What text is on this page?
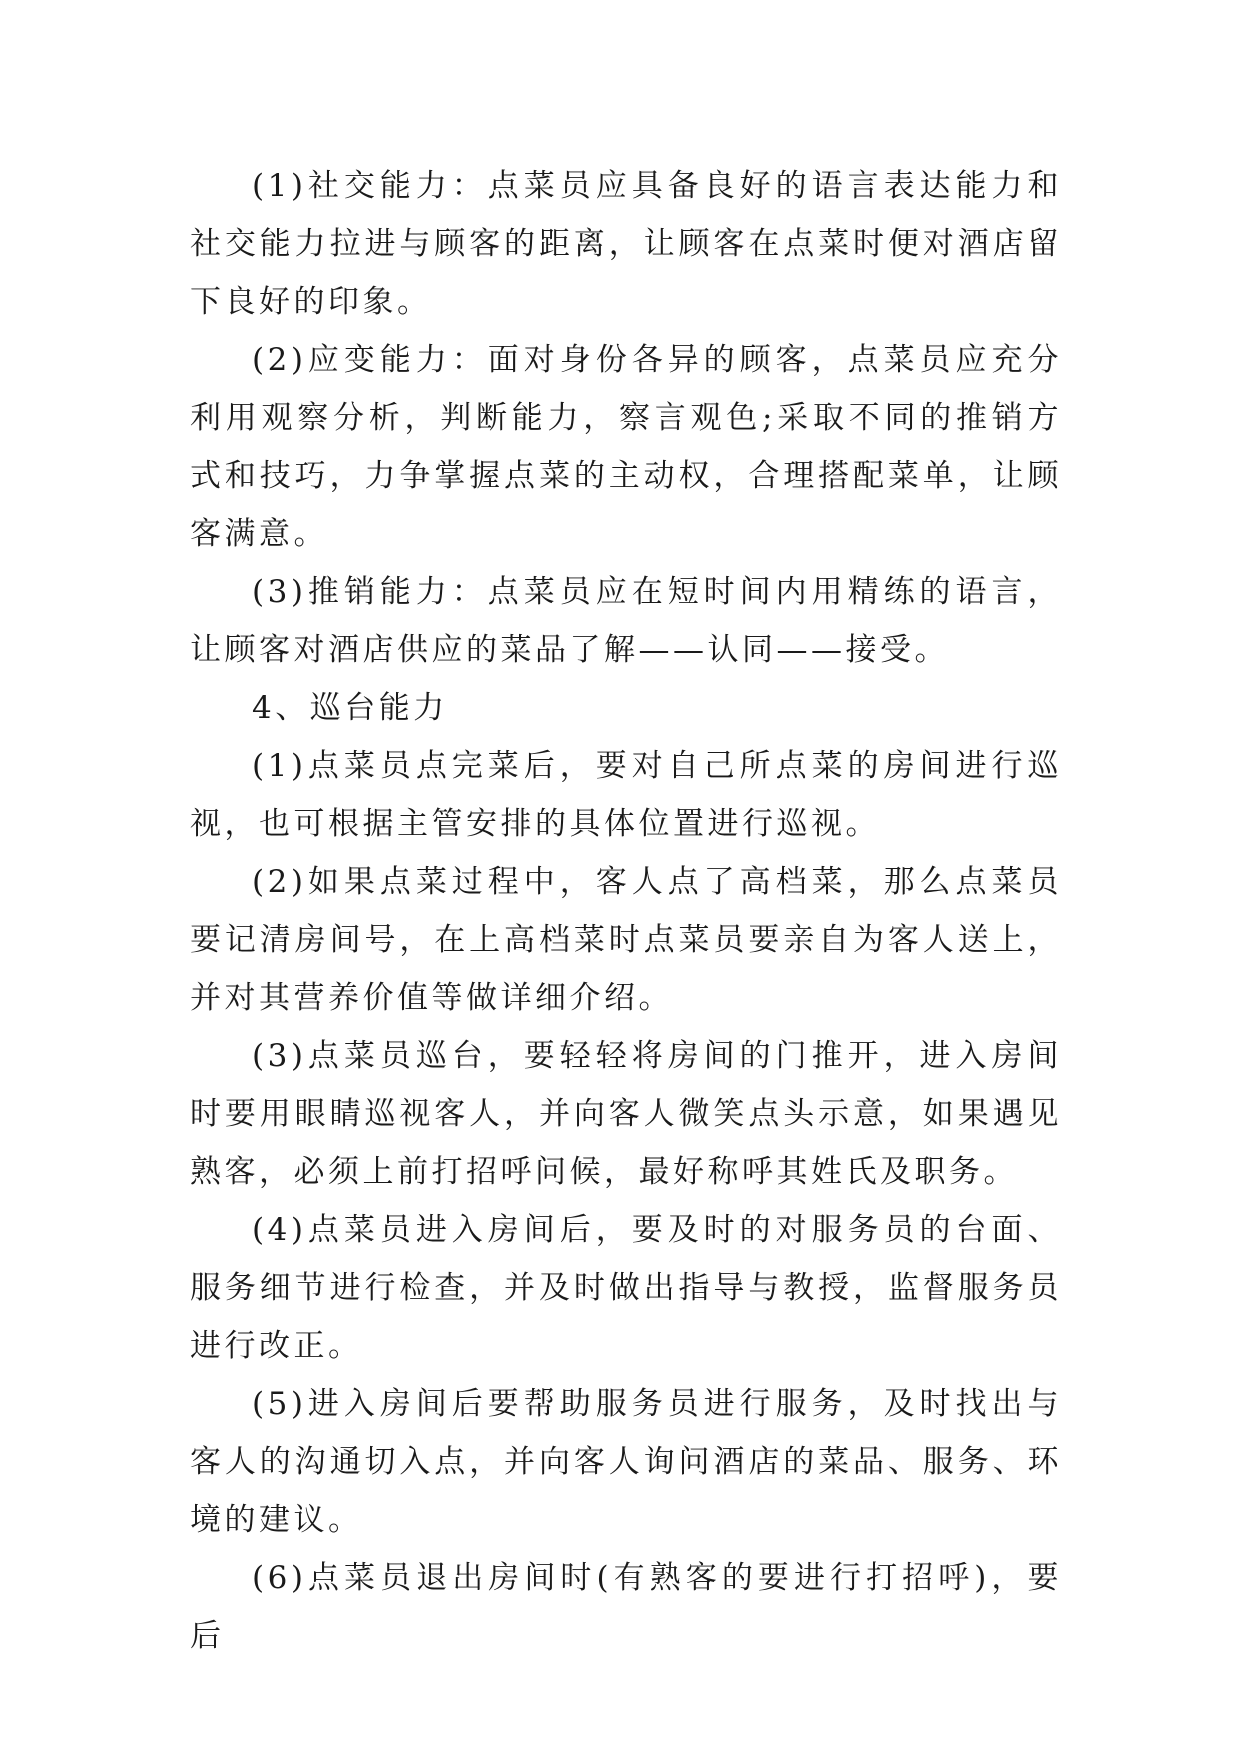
(1)社交能力：点菜员应具备良好的语言表达能力和社交能力拉进与顾客的距离，让顾客在点菜时便对酒店留下良好的印象。

(2)应变能力：面对身份各异的顾客，点菜员应充分利用观察分析，判断能力，察言观色;采取不同的推销方式和技巧，力争掌握点菜的主动权，合理搭配菜单，让顾客满意。

(3)推销能力：点菜员应在短时间内用精练的语言，让顾客对酒店供应的菜品了解——认同——接受。

4、巡台能力

(1)点菜员点完菜后，要对自己所点菜的房间进行巡视，也可根据主管安排的具体位置进行巡视。

(2)如果点菜过程中，客人点了高档菜，那么点菜员要记清房间号，在上高档菜时点菜员要亲自为客人送上，并对其营养价值等做详细介绍。

(3)点菜员巡台，要轻轻将房间的门推开，进入房间时要用眼睛巡视客人，并向客人微笑点头示意，如果遇见熟客，必须上前打招呼问候，最好称呼其姓氏及职务。

(4)点菜员进入房间后，要及时的对服务员的台面、服务细节进行检查，并及时做出指导与教授，监督服务员进行改正。

(5)进入房间后要帮助服务员进行服务，及时找出与客人的沟通切入点，并向客人询问酒店的菜品、服务、环境的建议。

(6)点菜员退出房间时(有熟客的要进行打招呼)，要后
